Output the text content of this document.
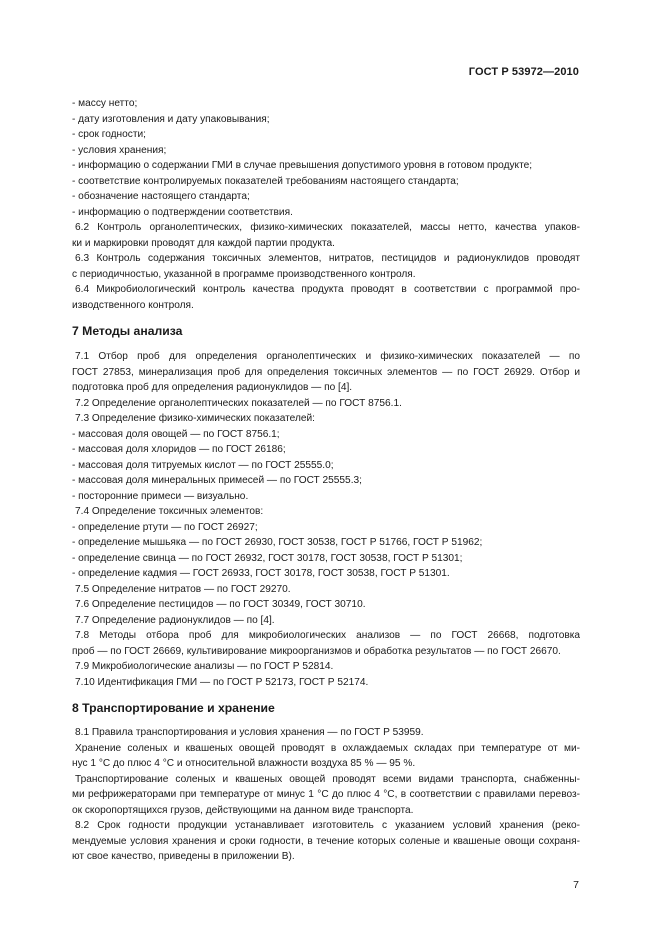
ГОСТ Р 53972—2010
- массу нетто;
- дату изготовления и дату упаковывания;
- срок годности;
- условия хранения;
- информацию о содержании ГМИ в случае превышения допустимого уровня в готовом продукте;
- соответствие контролируемых показателей требованиям настоящего стандарта;
- обозначение настоящего стандарта;
- информацию о подтверждении соответствия.
6.2 Контроль органолептических, физико-химических показателей, массы нетто, качества упаков-
ки и маркировки проводят для каждой партии продукта.
6.3 Контроль содержания токсичных элементов, нитратов, пестицидов и радионуклидов проводят
с периодичностью, указанной в программе производственного контроля.
6.4 Микробиологический контроль качества продукта проводят в соответствии с программой про-
изводственного контроля.
7 Методы анализа
7.1 Отбор проб для определения органолептических и физико-химических показателей — по
ГОСТ 27853, минерализация проб для определения токсичных элементов — по ГОСТ 26929. Отбор и
подготовка проб для определения радионуклидов — по [4].
7.2 Определение органолептических показателей — по ГОСТ 8756.1.
7.3 Определение физико-химических показателей:
- массовая доля овощей — по ГОСТ 8756.1;
- массовая доля хлоридов — по ГОСТ 26186;
- массовая доля титруемых кислот — по ГОСТ 25555.0;
- массовая доля минеральных примесей — по ГОСТ 25555.3;
- посторонние примеси — визуально.
7.4 Определение токсичных элементов:
- определение ртути — по ГОСТ 26927;
- определение мышьяка — по ГОСТ 26930, ГОСТ 30538, ГОСТ Р 51766, ГОСТ Р 51962;
- определение свинца — по ГОСТ 26932, ГОСТ 30178, ГОСТ 30538, ГОСТ Р 51301;
- определение кадмия — ГОСТ 26933, ГОСТ 30178, ГОСТ 30538, ГОСТ Р 51301.
7.5 Определение нитратов — по ГОСТ 29270.
7.6 Определение пестицидов — по ГОСТ 30349, ГОСТ 30710.
7.7 Определение радионуклидов — по [4].
7.8 Методы отбора проб для микробиологических анализов — по ГОСТ 26668, подготовка
проб — по ГОСТ 26669, культивирование микроорганизмов и обработка результатов — по ГОСТ 26670.
7.9 Микробиологические анализы — по ГОСТ Р 52814.
7.10 Идентификация ГМИ — по ГОСТ Р 52173, ГОСТ Р 52174.
8 Транспортирование и хранение
8.1 Правила транспортирования и условия хранения — по ГОСТ Р 53959.
Хранение соленых и квашеных овощей проводят в охлаждаемых складах при температуре от ми-
нус 1 °С до плюс 4 °С и относительной влажности воздуха 85 % — 95 %.
Транспортирование соленых и квашеных овощей проводят всеми видами транспорта, снабженны-
ми рефрижераторами при температуре от минус 1 °С до плюс 4 °С, в соответствии с правилами перевоз-
ок скоропортящихся грузов, действующими на данном виде транспорта.
8.2 Срок годности продукции устанавливает изготовитель с указанием условий хранения (реко-
мендуемые условия хранения и сроки годности, в течение которых соленые и квашеные овощи сохраня-
ют свое качество, приведены в приложении В).
7
